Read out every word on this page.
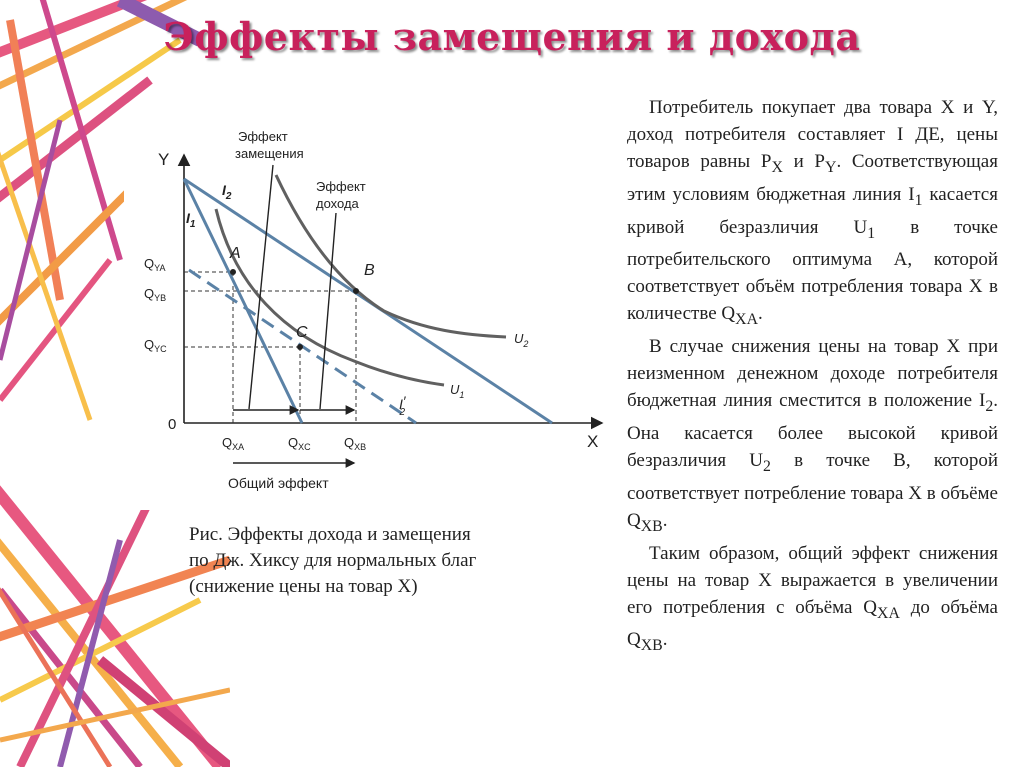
Эффекты замещения и дохода
Y
X
0
A
B
C
$I_2$
$I_1$
I′ 2
$U_1$
$U_2$
Эффект замещения
Эффект дохода
Общий эффект
$Q_{YA}$
$Q_{YB}$
$Q_{YC}$
$Q_{XA}$	$Q_{XC}$	$Q_{XB}$
Рис. Эффекты дохода и замещения по Дж. Хиксу для нормальных благ (снижение цены на товар Х)

Потребитель покупает два товара X и Y, доход потребителя составляет I ДЕ, цены товаров равны $P_X$ и $P_Y$. Соответствующая этим условиям бюджетная линия $I_1$ касается кривой безразличия $U_1$ в точке потребительского оптимума A, которой соответствует объём потребления товара X в количестве $Q_{XA}$.

В случае снижения цены на товар X при неизменном денежном доходе потребителя бюджетная линия сместится в положение $I_2$. Она касается более высокой кривой безразличия $U_2$ в точке B, которой соответствует потребление товара X в объёме $Q_{XB}$.

Таким образом, общий эффект снижения цены на товар X выражается в увеличении его потребления с объёма $Q_{XA}$ до объёма $Q_{XB}$.
